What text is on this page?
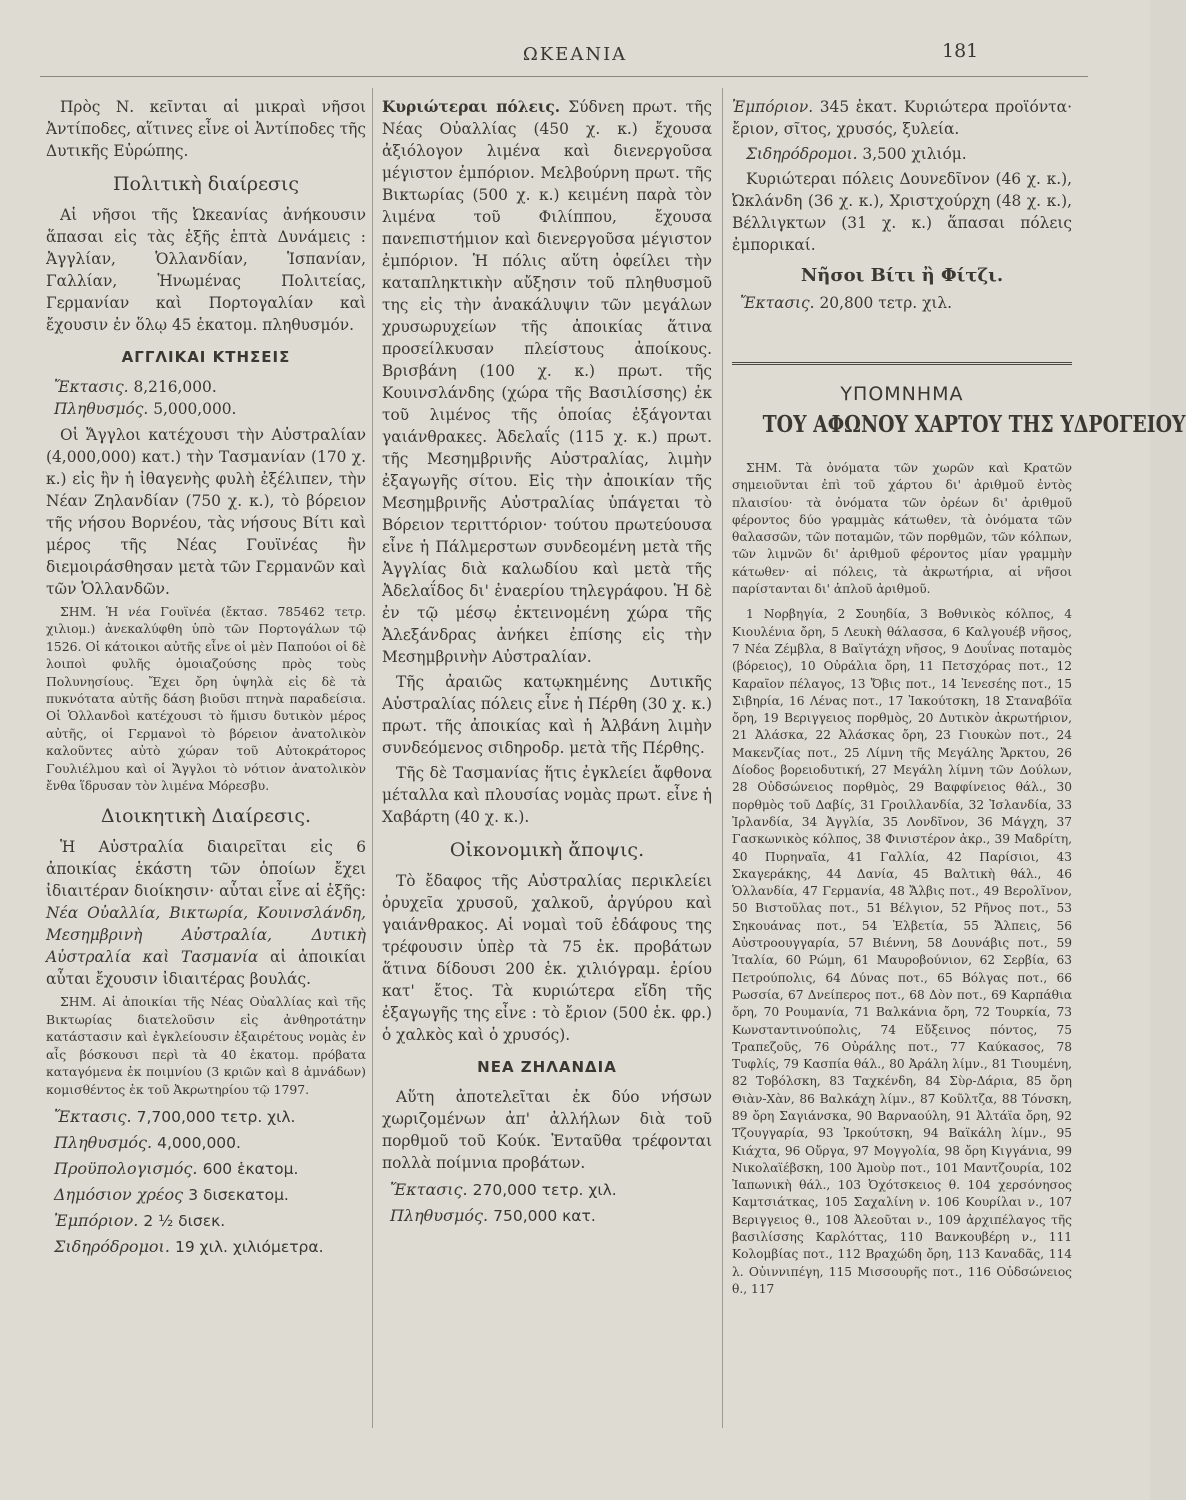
ΩΚΕΑΝΙΑ	181

Πρὸς Ν. κεῖνται αἱ μικραὶ νῆσοι Ἀντίποδες, αἵτινες εἶνε οἱ Ἀντίποδες τῆς Δυτικῆς Εὐρώπης.

Πολιτικὴ διαίρεσις

Αἱ νῆσοι τῆς Ὠκεανίας ἀνήκουσιν ἅπασαι εἰς τὰς ἑξῆς ἑπτὰ Δυνάμεις : Ἀγγλίαν, Ὁλλανδίαν, Ἱσπανίαν, Γαλλίαν, Ἡνωμένας Πολιτείας, Γερμανίαν καὶ Πορτογαλίαν καὶ ἔχουσιν ἐν ὅλῳ 45 ἑκατομ. πληθυσμόν.

ΑΓΓΛΙΚΑΙ ΚΤΗΣΕΙΣ

Ἔκτασις. 8,216,000.

Πληθυσμός. 5,000,000.

Οἱ Ἄγγλοι κατέχουσι τὴν Αὐστραλίαν (4,000,000) κατ.) τὴν Τασμανίαν (170 χ. κ.) εἰς ἣν ἡ ἰθαγενὴς φυλὴ ἐξέλιπεν, τὴν Νέαν Ζηλανδίαν (750 χ. κ.), τὸ βόρειον τῆς νήσου Βορνέου, τὰς νήσους Βίτι καὶ μέρος τῆς Νέας Γουϊνέας ἣν διεμοιράσθησαν μετὰ τῶν Γερμανῶν καὶ τῶν Ὁλλανδῶν.

ΣΗΜ. Ἡ νέα Γουϊνέα (ἔκτασ. 785462 τετρ. χιλιομ.) ἀνεκαλύφθη ὑπὸ τῶν Πορτογάλων τῷ 1526. Οἱ κάτοικοι αὐτῆς εἶνε οἱ μὲν Παπούοι οἱ δὲ λοιποὶ φυλῆς ὁμοιαζούσης πρὸς τοὺς Πολυνησίους. Ἔχει ὄρη ὑψηλὰ εἰς δὲ τὰ πυκνότατα αὐτῆς δάση βιοῦσι πτηνὰ παραδείσια. Οἱ Ὁλλανδοὶ κατέχουσι τὸ ἥμισυ δυτικὸν μέρος αὐτῆς, οἱ Γερμανοὶ τὸ βόρειον ἀνατολικὸν καλοῦντες αὐτὸ χώραν τοῦ Αὐτοκράτορος Γουλιέλμου καὶ οἱ Ἄγγλοι τὸ νότιον ἀνατολικὸν ἔνθα ἵδρυσαν τὸν λιμένα Μόρεσβυ.

Διοικητικὴ Διαίρεσις.

Ἡ Αὐστραλία διαιρεῖται εἰς 6 ἀποικίας ἑκάστη τῶν ὁποίων ἔχει ἰδιαιτέραν διοίκησιν· αὗται εἶνε αἱ ἑξῆς: Νέα Οὐαλλία, Βικτωρία, Κουινσλάνδη, Μεσημβρινὴ Αὐστραλία, Δυτικὴ Αὐστραλία καὶ Τασμανία αἱ ἀποικίαι αὗται ἔχουσιν ἰδιαιτέρας βουλάς.

ΣΗΜ. Αἱ ἀποικίαι τῆς Νέας Οὐαλλίας καὶ τῆς Βικτωρίας διατελοῦσιν εἰς ἀνθηροτάτην κατάστασιν καὶ ἐγκλείουσιν ἐξαιρέτους νομὰς ἐν αἷς βόσκουσι περὶ τὰ 40 ἑκατομ. πρόβατα καταγόμενα ἐκ ποιμνίου (3 κριῶν καὶ 8 ἀμνάδων) κομισθέντος ἐκ τοῦ Ἀκρωτηρίου τῷ 1797.

Ἔκτασις. 7,700,000 τετρ. χιλ.

Πληθυσμός. 4,000,000.

Προϋπολογισμός. 600 ἑκατομ.

Δημόσιον χρέος 3 δισεκατομ.

Ἐμπόριον. 2 ½ δισεκ.

Σιδηρόδρομοι. 19 χιλ. χιλιόμετρα.

Κυριώτεραι πόλεις. Σύδνεη πρωτ. τῆς Νέας Οὐαλλίας (450 χ. κ.) ἔχουσα ἀξιόλογον λιμένα καὶ διενεργοῦσα μέγιστον ἐμπόριον. Μελβούρνη πρωτ. τῆς Βικτωρίας (500 χ. κ.) κειμένη παρὰ τὸν λιμένα τοῦ Φιλίππου, ἔχουσα πανεπιστήμιον καὶ διενεργοῦσα μέγιστον ἐμπόριον. Ἡ πόλις αὕτη ὀφείλει τὴν καταπληκτικὴν αὔξησιν τοῦ πληθυσμοῦ της εἰς τὴν ἀνακάλυψιν τῶν μεγάλων χρυσωρυχείων τῆς ἀποικίας ἅτινα προσείλκυσαν πλείστους ἀποίκους. Βρισβάνη (100 χ. κ.) πρωτ. τῆς Κουινσλάνδης (χώρα τῆς Βασιλίσσης) ἐκ τοῦ λιμένος τῆς ὁποίας ἐξάγονται γαιάνθρακες. Ἀδελαΐς (115 χ. κ.) πρωτ. τῆς Μεσημβρινῆς Αὐστραλίας, λιμὴν ἐξαγωγῆς σίτου. Εἰς τὴν ἀποικίαν τῆς Μεσημβρινῆς Αὐστραλίας ὑπάγεται τὸ Βόρειον τεριττόριον· τούτου πρωτεύουσα εἶνε ἡ Πάλμερστων συνδεομένη μετὰ τῆς Ἀγγλίας διὰ καλωδίου καὶ μετὰ τῆς Ἀδελαΐδος δι' ἐναερίου τηλεγράφου. Ἡ δὲ ἐν τῷ μέσῳ ἐκτεινομένη χώρα τῆς Ἀλεξάνδρας ἀνήκει ἐπίσης εἰς τὴν Μεσημβρινὴν Αὐστραλίαν.

Τῆς ἀραιῶς κατῳκημένης Δυτικῆς Αὐστραλίας πόλεις εἶνε ἡ Πέρθη (30 χ. κ.) πρωτ. τῆς ἀποικίας καὶ ἡ Ἀλβάνη λιμὴν συνδεόμενος σιδηροδρ. μετὰ τῆς Πέρθης.

Τῆς δὲ Τασμανίας ἥτις ἐγκλείει ἄφθονα μέταλλα καὶ πλουσίας νομὰς πρωτ. εἶνε ἡ Χαβάρτη (40 χ. κ.).

Οἰκονομικὴ ἄποψις.

Τὸ ἔδαφος τῆς Αὐστραλίας περικλείει ὀρυχεῖα χρυσοῦ, χαλκοῦ, ἀργύρου καὶ γαιάνθρακος. Αἱ νομαὶ τοῦ ἐδάφους της τρέφουσιν ὑπὲρ τὰ 75 ἑκ. προβάτων ἅτινα δίδουσι 200 ἑκ. χιλιόγραμ. ἐρίου κατ' ἔτος. Τὰ κυριώτερα εἴδη τῆς ἐξαγωγῆς της εἶνε : τὸ ἔριον (500 ἑκ. φρ.) ὁ χαλκὸς καὶ ὁ χρυσός).

ΝΕΑ ΖΗΛΑΝΔΙΑ

Αὕτη ἀποτελεῖται ἐκ δύο νήσων χωριζομένων ἀπ' ἀλλήλων διὰ τοῦ πορθμοῦ τοῦ Κούκ. Ἐνταῦθα τρέφονται πολλὰ ποίμνια προβάτων.

Ἔκτασις. 270,000 τετρ. χιλ.

Πληθυσμός. 750,000 κατ.

Ἐμπόριον. 345 ἑκατ. Κυριώτερα προϊόντα· ἔριον, σῖτος, χρυσός, ξυλεία.

Σιδηρόδρομοι. 3,500 χιλιόμ.

Κυριώτεραι πόλεις Δουνεδῖνον (46 χ. κ.), Ὠκλάνδη (36 χ. κ.), Χριστχούρχη (48 χ. κ.), Βέλλιγκτων (31 χ. κ.) ἅπασαι πόλεις ἐμπορικαί.

Νῆσοι Βίτι ἢ Φίτζι.

Ἔκτασις. 20,800 τετρ. χιλ.

ΥΠΟΜΝΗΜΑ
ΤΟΥ ΑΦΩΝΟΥ ΧΑΡΤΟΥ ΤΗΣ ΥΔΡΟΓΕΙΟΥ

ΣΗΜ. Τὰ ὀνόματα τῶν χωρῶν καὶ Κρατῶν σημειοῦνται ἐπὶ τοῦ χάρτου δι' ἀριθμοῦ ἐντὸς πλαισίου· τὰ ὀνόματα τῶν ὀρέων δι' ἀριθμοῦ φέροντος δύο γραμμὰς κάτωθεν, τὰ ὀνόματα τῶν θαλασσῶν, τῶν ποταμῶν, τῶν πορθμῶν, τῶν κόλπων, τῶν λιμνῶν δι' ἀριθμοῦ φέροντος μίαν γραμμὴν κάτωθεν· αἱ πόλεις, τὰ ἀκρωτήρια, αἱ νῆσοι παρίστανται δι' ἁπλοῦ ἀριθμοῦ.

1 Νορβηγία, 2 Σουηδία, 3 Βοθνικὸς κόλπος, 4 Κιουλένια ὄρη, 5 Λευκὴ θάλασσα, 6 Καλγουέβ νῆσος, 7 Νέα Ζέμβλα, 8 Βαϊγτάχη νῆσος, 9 Δουΐνας ποταμὸς (βόρειος), 10 Οὐράλια ὄρη, 11 Πετσχόρας ποτ., 12 Καραῖον πέλαγος, 13 Ὄβις ποτ., 14 Ἰενεσέης ποτ., 15 Σιβηρία, 16 Λένας ποτ., 17 Ἰακούτσκη, 18 Σταναβόϊα ὄρη, 19 Βεριγγειος πορθμὸς, 20 Δυτικὸν ἀκρωτήριον, 21 Ἀλάσκα, 22 Ἀλάσκας ὄρη, 23 Γιουκὼν ποτ., 24 Μακενζίας ποτ., 25 Λίμνη τῆς Μεγάλης Ἄρκτου, 26 Δίοδος βορειοδυτική, 27 Μεγάλη λίμνη τῶν Δούλων, 28 Οὐδσώνειος πορθμὸς, 29 Βαφφίνειος θάλ., 30 πορθμὸς τοῦ Δαβίς, 31 Γροιλλανδία, 32 Ἰσλανδία, 33 Ἰρλανδία, 34 Ἀγγλία, 35 Λονδῖνον, 36 Μάγχη, 37 Γασκωνικὸς κόλπος, 38 Φινιστέρον ἀκρ., 39 Μαδρίτη, 40 Πυρηναῖα, 41 Γαλλία, 42 Παρίσιοι, 43 Σκαγεράκης, 44 Δανία, 45 Βαλτικὴ θάλ., 46 Ὁλλανδία, 47 Γερμανία, 48 Ἄλβις ποτ., 49 Βερολῖνον, 50 Βιστοῦλας ποτ., 51 Βέλγιον, 52 Ρῆνος ποτ., 53 Σηκουάνας ποτ., 54 Ἑλβετία, 55 Ἄλπεις, 56 Αὐστροουγγαρία, 57 Βιέννη, 58 Δουνάβις ποτ., 59 Ἰταλία, 60 Ρώμη, 61 Μαυροβούνιον, 62 Σερβία, 63 Πετρούπολις, 64 Δύνας ποτ., 65 Βόλγας ποτ., 66 Ρωσσία, 67 Δνείπερος ποτ., 68 Δὸν ποτ., 69 Καρπάθια ὄρη, 70 Ρουμανία, 71 Βαλκάνια ὄρη, 72 Τουρκία, 73 Κωνσταντινούπολις, 74 Εὔξεινος πόντος, 75 Τραπεζοῦς, 76 Οὐράλης ποτ., 77 Καύκασος, 78 Τυφλίς, 79 Κασπία θάλ., 80 Ἀράλη λίμν., 81 Τιουμένη, 82 Τοβόλσκη, 83 Ταχκένδη, 84 Σὺρ-Δάρια, 85 ὄρη Θιὰν-Χὰν, 86 Βαλκάχη λίμν., 87 Κοῦλτζα, 88 Τόνσκη, 89 ὄρη Σαγιάνσκα, 90 Βαρναούλη, 91 Ἀλτάϊα ὄρη, 92 Τζουγγαρία, 93 Ἰρκούτσκη, 94 Βαϊκάλη λίμν., 95 Κιάχτα, 96 Οὔργα, 97 Μογγολία, 98 ὄρη Κιγγάνια, 99 Νικολαϊέβσκη, 100 Ἀμοὺρ ποτ., 101 Μαντζουρία, 102 Ἰαπωνικὴ θάλ., 103 Ὀχότσκειος θ. 104 χερσόνησος Καμτσιάτκας, 105 Σαχαλίνη ν. 106 Κουρίλαι ν., 107 Βεριγγειος θ., 108 Ἀλεοῦται ν., 109 ἀρχιπέλαγος τῆς βασιλίσσης Καρλόττας, 110 Βανκουβέρη ν., 111 Κολομβίας ποτ., 112 Βραχώδη ὄρη, 113 Καναδᾶς, 114 λ. Οὐιννιπέγη, 115 Μισσουρῆς ποτ., 116 Οὐδσώνειος θ., 117
